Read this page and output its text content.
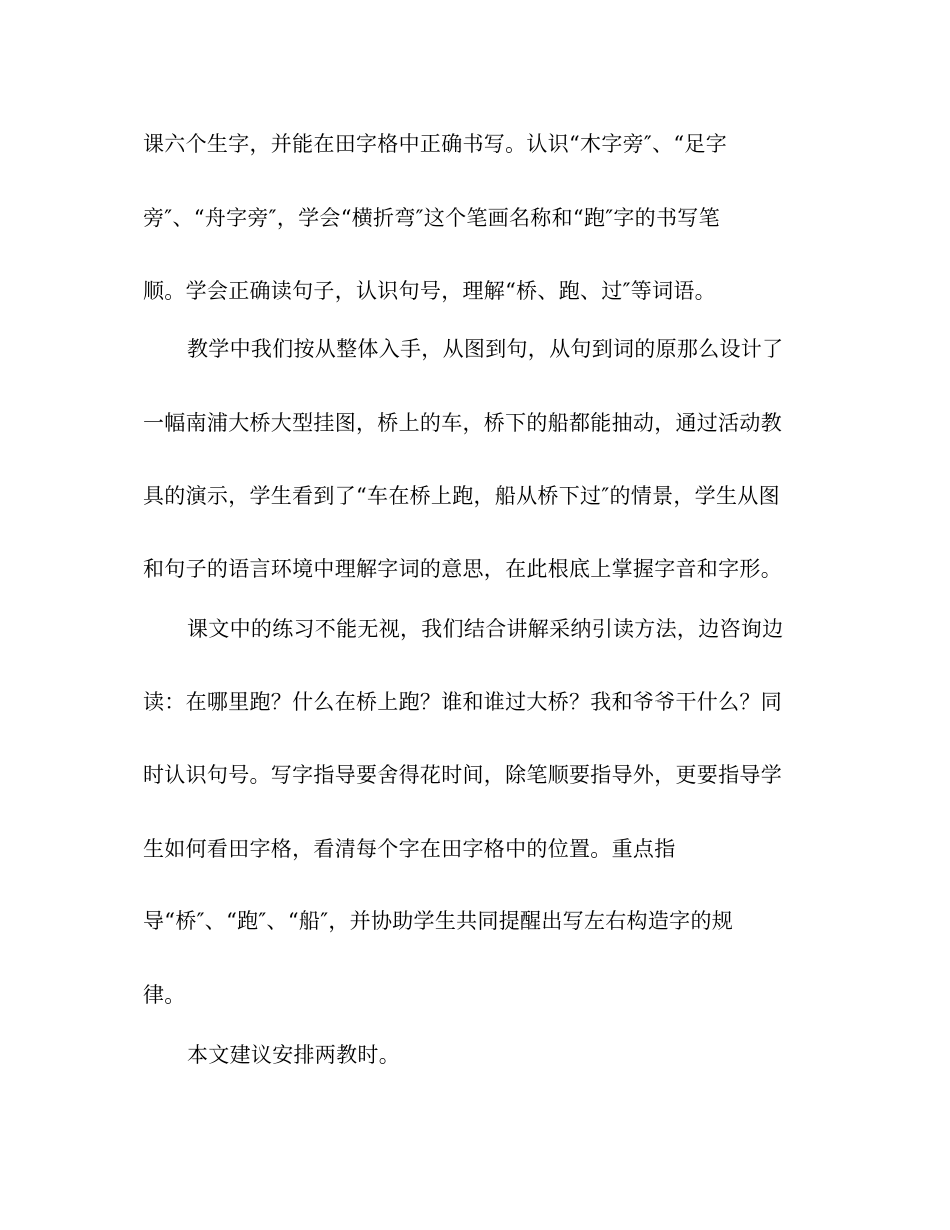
课六个生字，并能在田字格中正确书写。认识“木字旁″、“足字
旁″、“舟字旁″，学会“横折弯″这个笔画名称和“跑″字的书写笔
顺。学会正确读句子，认识句号，理解“桥、跑、过″等词语。
教学中我们按从整体入手，从图到句，从句到词的原那么设计了
一幅南浦大桥大型挂图，桥上的车，桥下的船都能抽动，通过活动教
具的演示，学生看到了“车在桥上跑，船从桥下过″的情景，学生从图
和句子的语言环境中理解字词的意思，在此根底上掌握字音和字形。
课文中的练习不能无视，我们结合讲解采纳引读方法，边咨询边
读：在哪里跑？什么在桥上跑？谁和谁过大桥？我和爷爷干什么？同
时认识句号。写字指导要舍得花时间，除笔顺要指导外，更要指导学
生如何看田字格，看清每个字在田字格中的位置。重点指
导“桥″、“跑″、“船″，并协助学生共同提醒出写左右构造字的规
律。
本文建议安排两教时。
